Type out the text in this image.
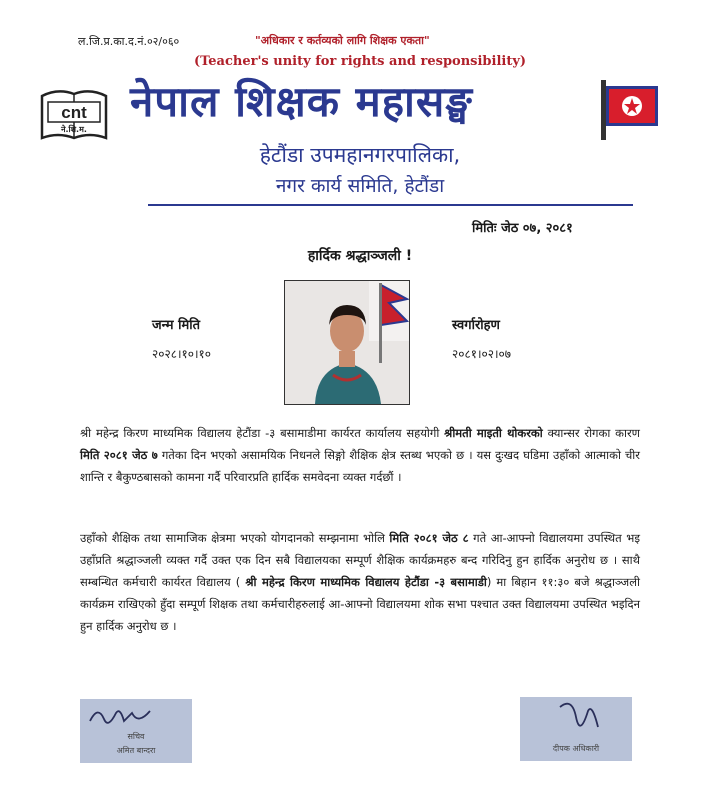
ल.जि.प्र.का.द.नं.०२/०६०	"अधिकार र कर्तव्यको लागि शिक्षक एकता"
(Teacher's unity for rights and responsibility)
cnt
ने.शि.म.
नेपाल शिक्षक महासङ्घ
हेटौंडा उपमहानगरपालिका,
नगर कार्य समिति, हेटौंडा
मितिः जेठ ०७, २०८१
हार्दिक श्रद्धाञ्जली !
जन्म मिति
२०२८।१०।१०
स्वर्गारोहण
२०८१।०२।०७
श्री महेन्द्र किरण माध्यमिक विद्यालय हेटौंडा -३ बसामाडीमा कार्यरत कार्यालय सहयोगी श्रीमती माइती थोकरको क्यान्सर रोगका कारण मिति २०८१ जेठ ७ गतेका दिन भएको असामयिक निधनले सिङ्गो शैक्षिक क्षेत्र स्तब्ध भएको छ । यस दुःखद घडिमा उहाँको आत्माको चीर शान्ति र बैकुण्ठबासको कामना गर्दै परिवारप्रति हार्दिक समवेदना व्यक्त गर्दछौं ।
उहाँको शैक्षिक तथा सामाजिक क्षेत्रमा भएको योगदानको सम्झनामा भोलि मिति २०८१ जेठ ८ गते आ-आफ्नो विद्यालयमा उपस्थित भइ उहाँप्रति श्रद्धाञ्जली व्यक्त गर्दै उक्त एक दिन सबै विद्यालयका सम्पूर्ण शैक्षिक कार्यक्रमहरु बन्द गरिदिनु हुन हार्दिक अनुरोध छ । साथै सम्बन्धित कर्मचारी कार्यरत विद्यालय ( श्री महेन्द्र किरण माध्यमिक विद्यालय हेटौंडा -३ बसामाडी) मा बिहान ११:३० बजे श्रद्धाञ्जली कार्यक्रम राखिएको हुँदा सम्पूर्ण शिक्षक तथा कर्मचारीहरुलाई आ-आफ्नो विद्यालयमा शोक सभा पश्चात उक्त विद्यालयमा उपस्थित भइदिन हुन हार्दिक अनुरोध छ ।
सचिव
अमित बान्दरा	दीपक अधिकारी
